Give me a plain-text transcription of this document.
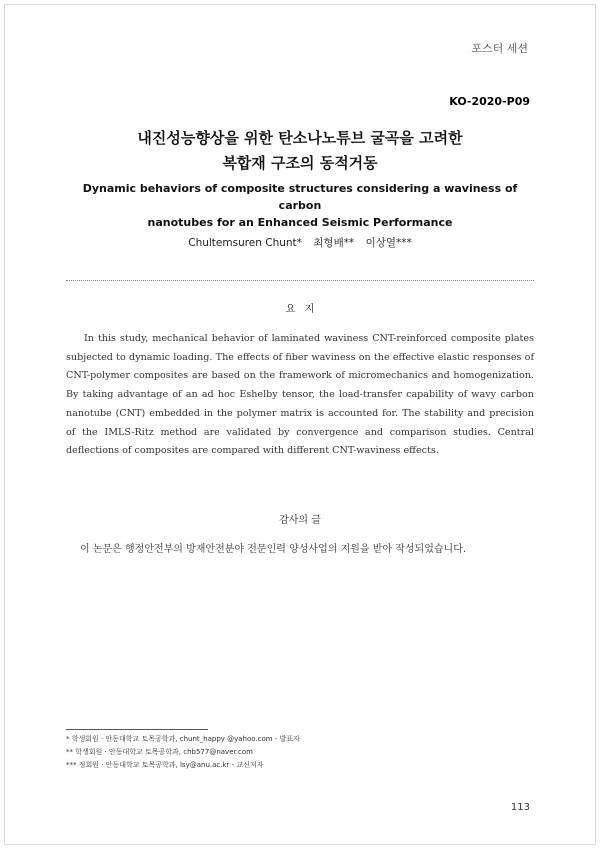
포스터 세션
KO-2020-P09
내진성능향상을 위한 탄소나노튜브 굴곡을 고려한
복합재 구조의 동적거동
Dynamic behaviors of composite structures considering a waviness of carbon
nanotubes for an Enhanced Seismic Performance
Chultemsuren Chunt* 최형배** 이상열***
요   지

In this study, mechanical behavior of laminated waviness CNT-reinforced composite plates subjected to dynamic loading. The effects of fiber waviness on the effective elastic responses of CNT-polymer composites are based on the framework of micromechanics and homogenization. By taking advantage of an ad hoc Eshelby tensor, the load-transfer capability of wavy carbon nanotube (CNT) embedded in the polymer matrix is accounted for. The stability and precision of the IMLS-Ritz method are validated by convergence and comparison studies. Central deflections of composites are compared with different CNT-waviness effects.

감사의 글

이 논문은 행정안전부의 방재안전분야 전문인력 양성사업의 지원을 받아 작성되었습니다.

* 학생회원 · 안동대학교 토목공학과, chunt_happy @yahoo.com - 발표자
** 학생회원 · 안동대학교 토목공학과, chb577@naver.com
*** 정회원 · 안동대학교 토목공학과, lsy@anu.ac.kr - 교신저자
113
